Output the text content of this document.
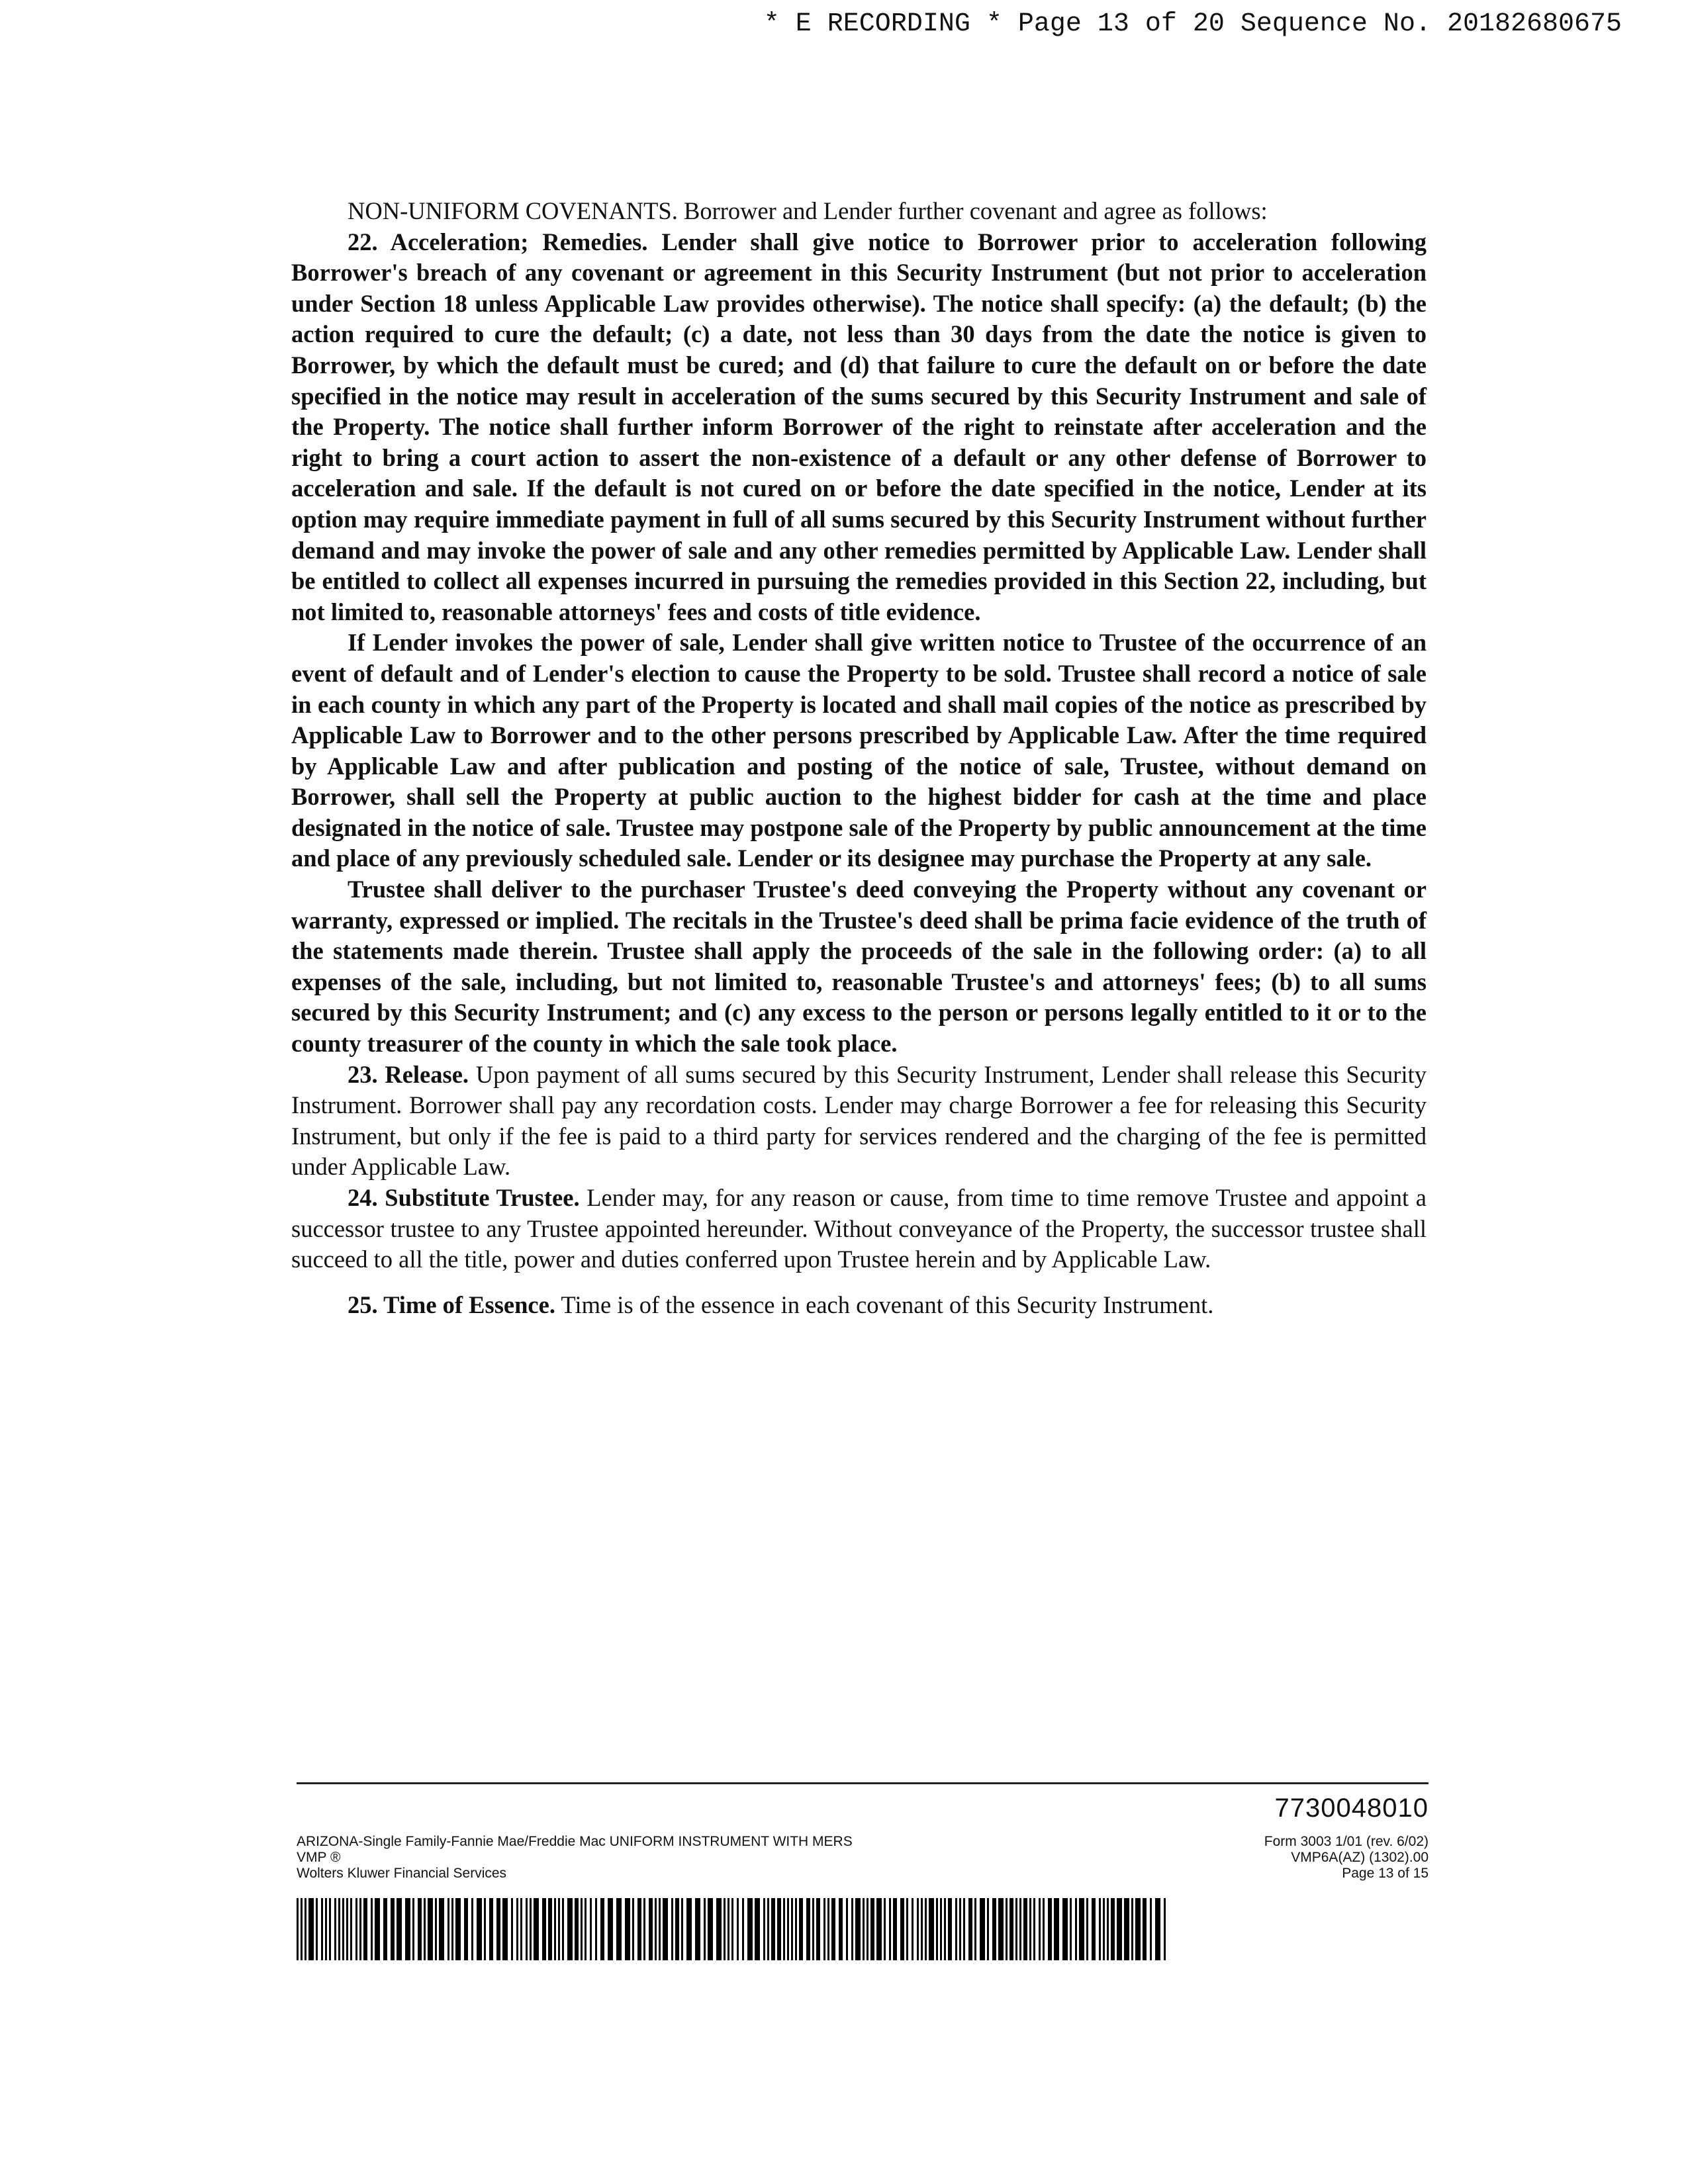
* E RECORDING * Page 13 of 20 Sequence No. 20182680675

NON-UNIFORM COVENANTS. Borrower and Lender further covenant and agree as follows:

22. Acceleration; Remedies. Lender shall give notice to Borrower prior to acceleration following Borrower's breach of any covenant or agreement in this Security Instrument (but not prior to acceleration under Section 18 unless Applicable Law provides otherwise). The notice shall specify: (a) the default; (b) the action required to cure the default; (c) a date, not less than 30 days from the date the notice is given to Borrower, by which the default must be cured; and (d) that failure to cure the default on or before the date specified in the notice may result in acceleration of the sums secured by this Security Instrument and sale of the Property. The notice shall further inform Borrower of the right to reinstate after acceleration and the right to bring a court action to assert the non-existence of a default or any other defense of Borrower to acceleration and sale. If the default is not cured on or before the date specified in the notice, Lender at its option may require immediate payment in full of all sums secured by this Security Instrument without further demand and may invoke the power of sale and any other remedies permitted by Applicable Law. Lender shall be entitled to collect all expenses incurred in pursuing the remedies provided in this Section 22, including, but not limited to, reasonable attorneys' fees and costs of title evidence.

If Lender invokes the power of sale, Lender shall give written notice to Trustee of the occurrence of an event of default and of Lender's election to cause the Property to be sold. Trustee shall record a notice of sale in each county in which any part of the Property is located and shall mail copies of the notice as prescribed by Applicable Law to Borrower and to the other persons prescribed by Applicable Law. After the time required by Applicable Law and after publication and posting of the notice of sale, Trustee, without demand on Borrower, shall sell the Property at public auction to the highest bidder for cash at the time and place designated in the notice of sale. Trustee may postpone sale of the Property by public announcement at the time and place of any previously scheduled sale. Lender or its designee may purchase the Property at any sale.

Trustee shall deliver to the purchaser Trustee's deed conveying the Property without any covenant or warranty, expressed or implied. The recitals in the Trustee's deed shall be prima facie evidence of the truth of the statements made therein. Trustee shall apply the proceeds of the sale in the following order: (a) to all expenses of the sale, including, but not limited to, reasonable Trustee's and attorneys' fees; (b) to all sums secured by this Security Instrument; and (c) any excess to the person or persons legally entitled to it or to the county treasurer of the county in which the sale took place.

23. Release. Upon payment of all sums secured by this Security Instrument, Lender shall release this Security Instrument. Borrower shall pay any recordation costs. Lender may charge Borrower a fee for releasing this Security Instrument, but only if the fee is paid to a third party for services rendered and the charging of the fee is permitted under Applicable Law.

24. Substitute Trustee. Lender may, for any reason or cause, from time to time remove Trustee and appoint a successor trustee to any Trustee appointed hereunder. Without conveyance of the Property, the successor trustee shall succeed to all the title, power and duties conferred upon Trustee herein and by Applicable Law.

25. Time of Essence. Time is of the essence in each covenant of this Security Instrument.

7730048010
ARIZONA-Single Family-Fannie Mae/Freddie Mac UNIFORM INSTRUMENT WITH MERS
VMP ®
Wolters Kluwer Financial Services
Form 3003 1/01 (rev. 6/02)
VMP6A(AZ) (1302).00
Page 13 of 15
